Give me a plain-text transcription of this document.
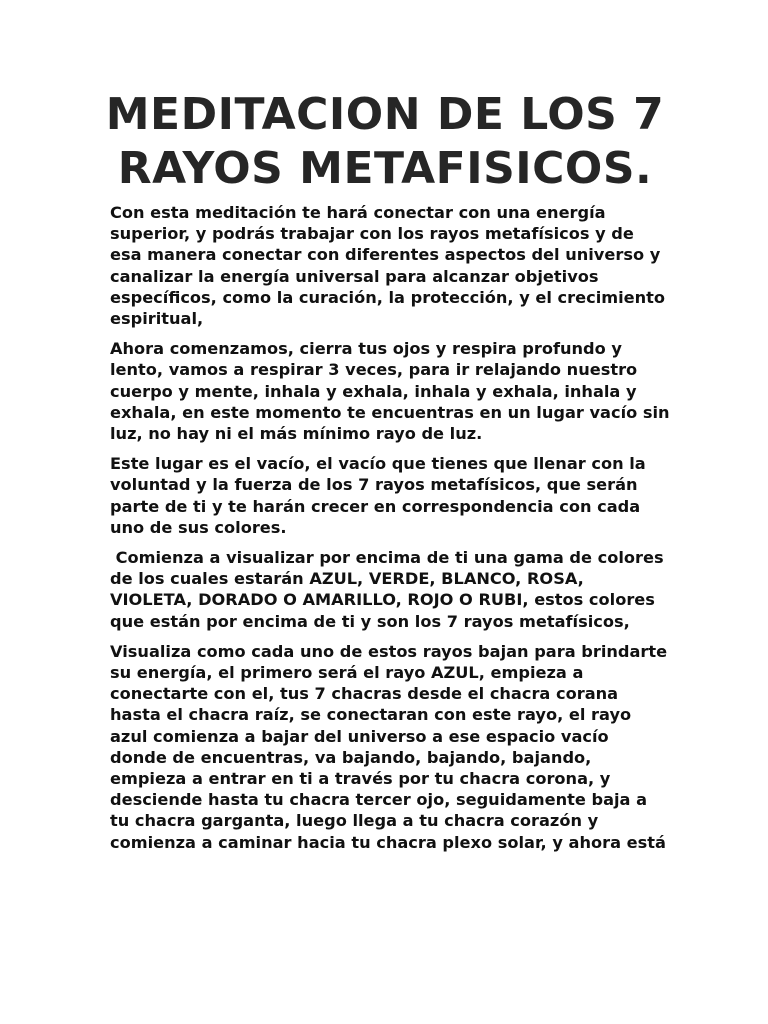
MEDITACION DE LOS 7
RAYOS METAFISICOS.

Con esta meditación te hará conectar con una energía superior, y podrás trabajar con los rayos metafísicos y de esa manera conectar con diferentes aspectos del universo y canalizar la energía universal para alcanzar objetivos específicos, como la curación, la protección, y el crecimiento espiritual,

Ahora comenzamos, cierra tus ojos y respira profundo y lento, vamos a respirar 3 veces, para ir relajando nuestro cuerpo y mente, inhala y exhala, inhala y exhala, inhala y exhala, en este momento te encuentras en un lugar vacío sin luz, no hay ni el más mínimo rayo de luz.

Este lugar es el vacío, el vacío que tienes que llenar con la voluntad y la fuerza de los 7 rayos metafísicos, que serán parte de ti y te harán crecer en correspondencia con cada uno de sus colores.

Comienza a visualizar por encima de ti una gama de colores de los cuales estarán AZUL, VERDE, BLANCO, ROSA, VIOLETA, DORADO O AMARILLO, ROJO O RUBI, estos colores que están por encima de ti y son los 7 rayos metafísicos,

Visualiza como cada uno de estos rayos bajan para brindarte su energía, el primero será el rayo AZUL, empieza a conectarte con el, tus 7 chacras desde el chacra corana hasta el chacra raíz, se conectaran con este rayo, el rayo azul comienza a bajar del universo a ese espacio vacío donde de encuentras, va bajando, bajando, bajando, empieza a entrar en ti a través por tu chacra corona, y desciende hasta tu chacra tercer ojo, seguidamente baja a tu chacra garganta, luego llega a tu chacra corazón y comienza a caminar hacia tu chacra plexo solar, y ahora está
